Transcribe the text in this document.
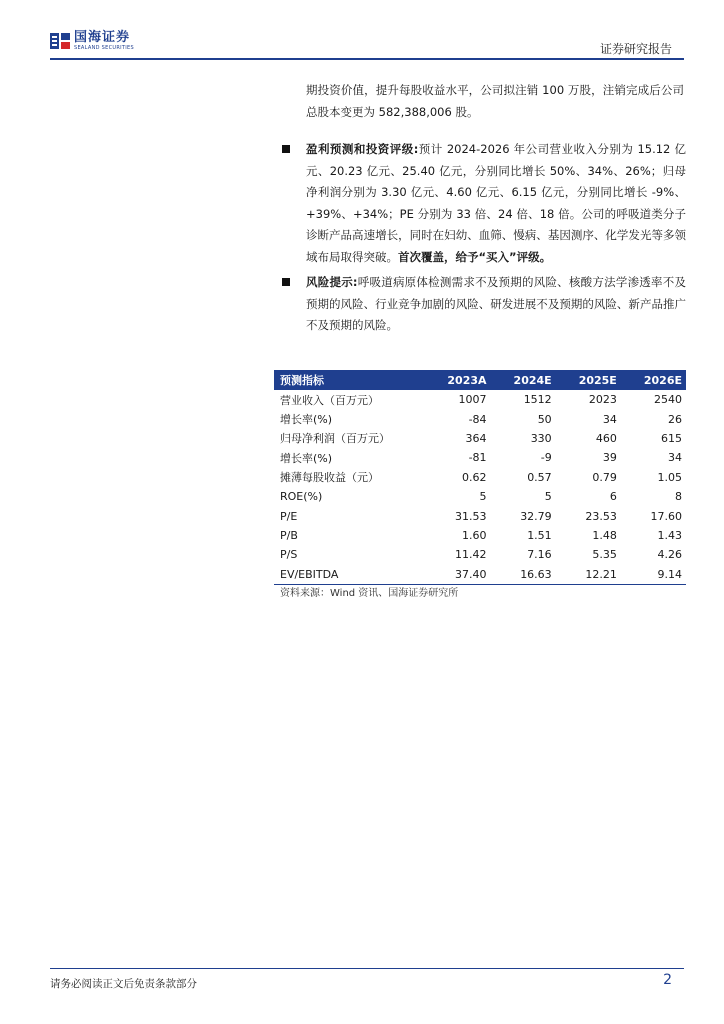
国海证券
SEALAND SECURITIES	证券研究报告
期投资价值，提升每股收益水平，公司拟注销 100 万股，注销完成后公司总股本变更为 582,388,006 股。
盈利预测和投资评级:预计 2024-2026 年公司营业收入分别为 15.12 亿元、20.23 亿元、25.40 亿元，分别同比增长 50%、34%、26%；归母净利润分别为 3.30 亿元、4.60 亿元、6.15 亿元，分别同比增长 -9%、+39%、+34%；PE 分别为 33 倍、24 倍、18 倍。公司的呼吸道类分子诊断产品高速增长，同时在妇幼、血筛、慢病、基因测序、化学发光等多领域布局取得突破。首次覆盖，给予“买入”评级。
风险提示:呼吸道病原体检测需求不及预期的风险、核酸方法学渗透率不及预期的风险、行业竞争加剧的风险、研发进展不及预期的风险、新产品推广不及预期的风险。
预测指标	2023A	2024E	2025E	2026E
营业收入（百万元）	1007	1512	2023	2540
增长率(%)	-84	50	34	26
归母净利润（百万元）	364	330	460	615
增长率(%)	-81	-9	39	34
摊薄每股收益（元）	0.62	0.57	0.79	1.05
ROE(%)	5	5	6	8
P/E	31.53	32.79	23.53	17.60
P/B	1.60	1.51	1.48	1.43
P/S	11.42	7.16	5.35	4.26
EV/EBITDA	37.40	16.63	12.21	9.14
资料来源：Wind 资讯、国海证券研究所
请务必阅读正文后免责条款部分	2
